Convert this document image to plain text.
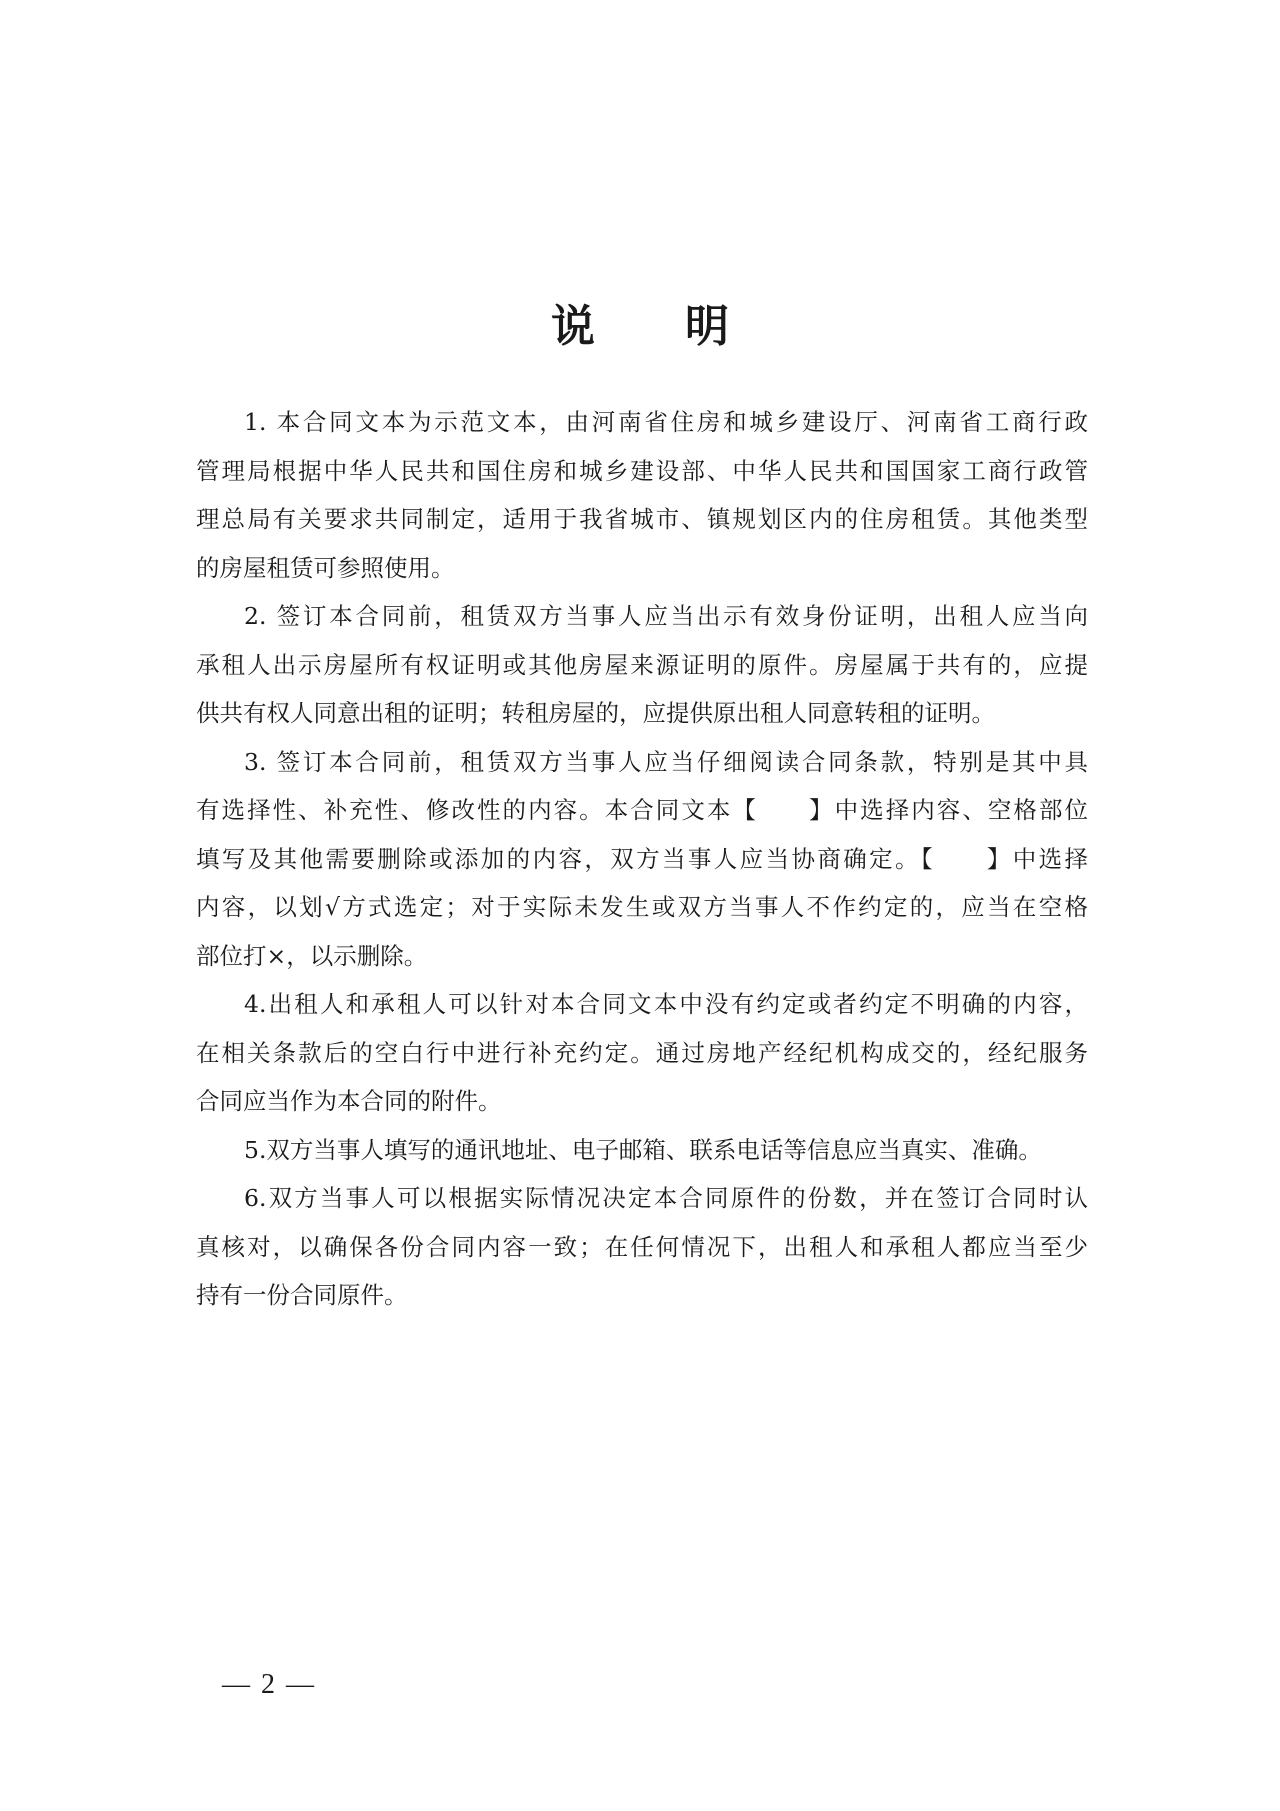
说 明

1. 本合同文本为示范文本，由河南省住房和城乡建设厅、河南省工商行政
管理局根据中华人民共和国住房和城乡建设部、中华人民共和国国家工商行政管
理总局有关要求共同制定，适用于我省城市、镇规划区内的住房租赁。其他类型
的房屋租赁可参照使用。

2. 签订本合同前，租赁双方当事人应当出示有效身份证明，出租人应当向
承租人出示房屋所有权证明或其他房屋来源证明的原件。房屋属于共有的，应提
供共有权人同意出租的证明；转租房屋的，应提供原出租人同意转租的证明。

3. 签订本合同前，租赁双方当事人应当仔细阅读合同条款，特别是其中具
有选择性、补充性、修改性的内容。本合同文本【　　】中选择内容、空格部位
填写及其他需要删除或添加的内容，双方当事人应当协商确定。【　　】中选择
内容，以划√方式选定；对于实际未发生或双方当事人不作约定的，应当在空格
部位打×，以示删除。

4.出租人和承租人可以针对本合同文本中没有约定或者约定不明确的内容，
在相关条款后的空白行中进行补充约定。通过房地产经纪机构成交的，经纪服务
合同应当作为本合同的附件。

5.双方当事人填写的通讯地址、电子邮箱、联系电话等信息应当真实、准确。

6.双方当事人可以根据实际情况决定本合同原件的份数，并在签订合同时认
真核对，以确保各份合同内容一致；在任何情况下，出租人和承租人都应当至少
持有一份合同原件。

— 2 —
